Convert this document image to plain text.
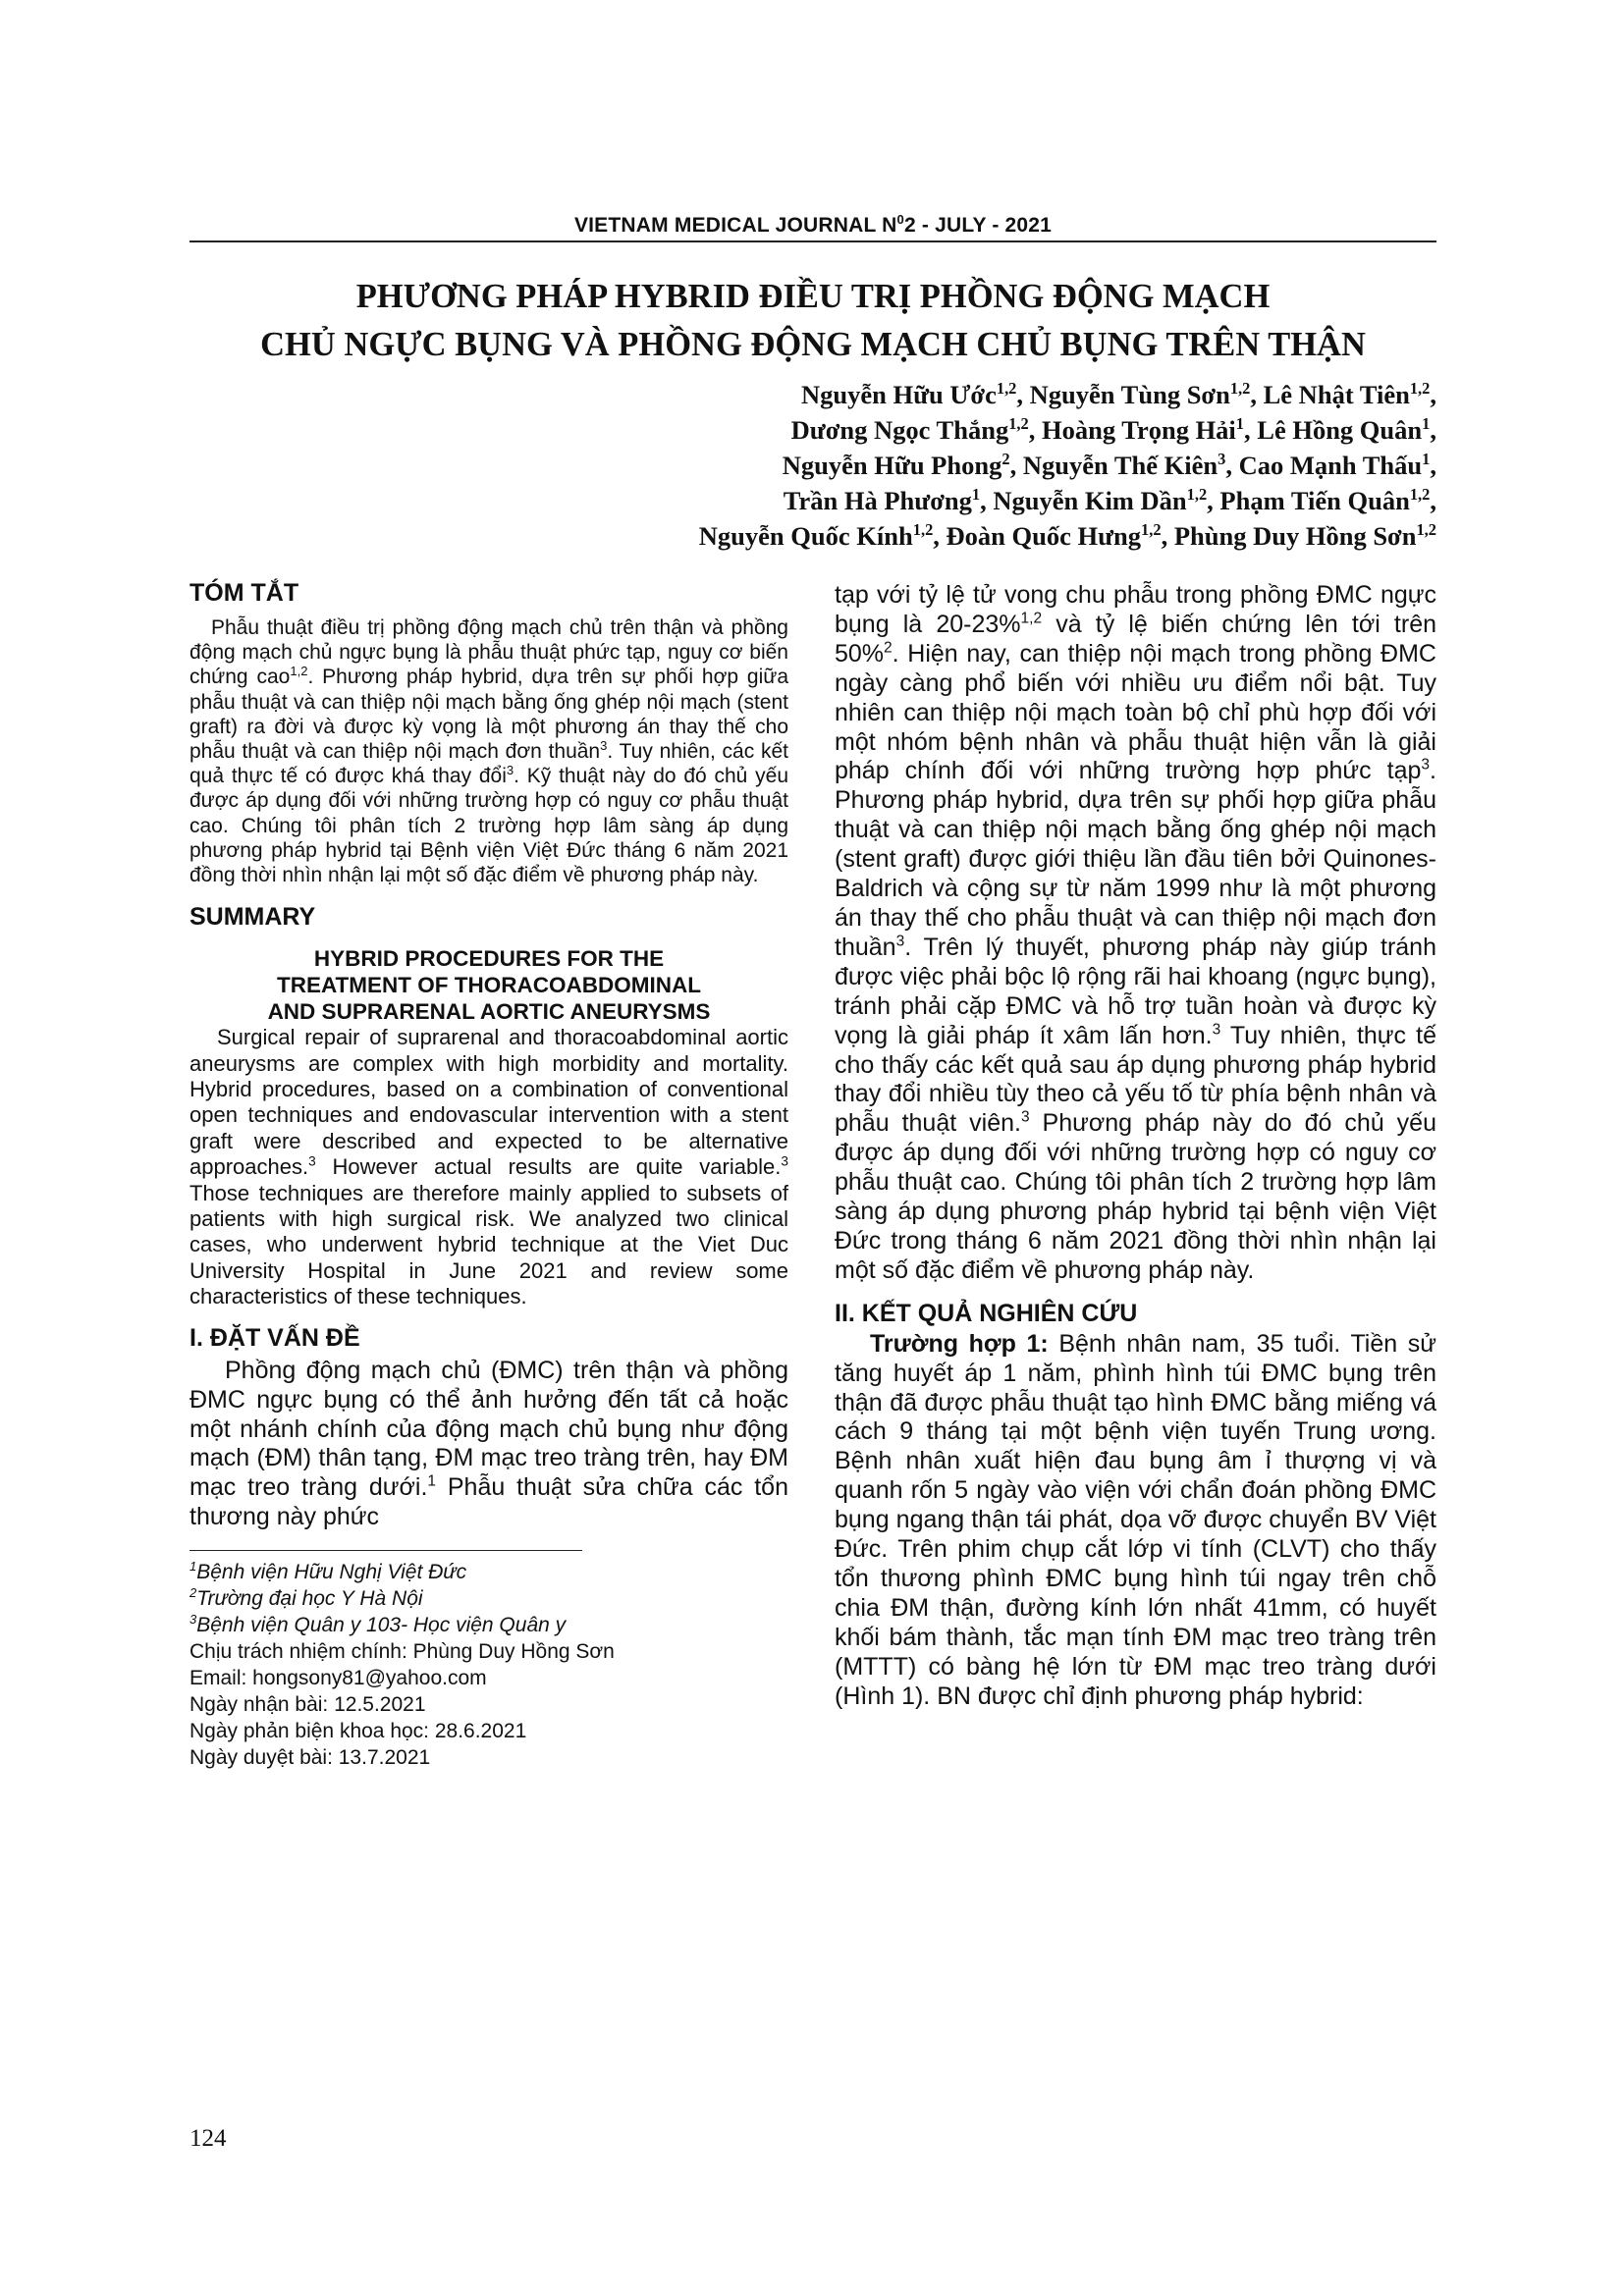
VIETNAM MEDICAL JOURNAL $N^02$ - JULY - 2021
PHƯƠNG PHÁP HYBRID ĐIỀU TRỊ PHỒNG ĐỘNG MẠCH
CHỦ NGỰC BỤNG VÀ PHỒNG ĐỘNG MẠCH CHỦ BỤNG TRÊN THẬN
Nguyễn Hữu Ước$^{1,2}$, Nguyễn Tùng Sơn$^{1,2}$, Lê Nhật Tiên$^{1,2}$,
Dương Ngọc Thắng$^{1,2}$, Hoàng Trọng Hải$^1$, Lê Hồng Quân$^1$,
Nguyễn Hữu Phong$^2$, Nguyễn Thế Kiên$^3$, Cao Mạnh Thấu$^1$,
Trần Hà Phương$^1$, Nguyễn Kim Dần$^{1,2}$, Phạm Tiến Quân$^{1,2}$,
Nguyễn Quốc Kính$^{1,2}$, Đoàn Quốc Hưng$^{1,2}$, Phùng Duy Hồng Sơn$^{1,2}$
TÓM TẮT

Phẫu thuật điều trị phồng động mạch chủ trên thận và phồng động mạch chủ ngực bụng là phẫu thuật phức tạp, nguy cơ biến chứng cao$^{1,2}$. Phương pháp hybrid, dựa trên sự phối hợp giữa phẫu thuật và can thiệp nội mạch bằng ống ghép nội mạch (stent graft) ra đời và được kỳ vọng là một phương án thay thế cho phẫu thuật và can thiệp nội mạch đơn thuần$^3$. Tuy nhiên, các kết quả thực tế có được khá thay đổi$^3$. Kỹ thuật này do đó chủ yếu được áp dụng đối với những trường hợp có nguy cơ phẫu thuật cao. Chúng tôi phân tích 2 trường hợp lâm sàng áp dụng phương pháp hybrid tại Bệnh viện Việt Đức tháng 6 năm 2021 đồng thời nhìn nhận lại một số đặc điểm về phương pháp này.

SUMMARY
HYBRID PROCEDURES FOR THE
TREATMENT OF THORACOABDOMINAL
AND SUPRARENAL AORTIC ANEURYSMS

Surgical repair of suprarenal and thoracoabdominal aortic aneurysms are complex with high morbidity and mortality. Hybrid procedures, based on a combination of conventional open techniques and endovascular intervention with a stent graft were described and expected to be alternative approaches.$^3$ However actual results are quite variable.$^3$ Those techniques are therefore mainly applied to subsets of patients with high surgical risk. We analyzed two clinical cases, who underwent hybrid technique at the Viet Duc University Hospital in June 2021 and review some characteristics of these techniques.

I. ĐẶT VẤN ĐỀ

Phồng động mạch chủ (ĐMC) trên thận và phồng ĐMC ngực bụng có thể ảnh hưởng đến tất cả hoặc một nhánh chính của động mạch chủ bụng như động mạch (ĐM) thân tạng, ĐM mạc treo tràng trên, hay ĐM mạc treo tràng dưới.$^1$ Phẫu thuật sửa chữa các tổn thương này phức

$^1$Bệnh viện Hữu Nghị Việt Đức

$^2$Trường đại học Y Hà Nội

$^3$Bệnh viện Quân y 103- Học viện Quân y

Chịu trách nhiệm chính: Phùng Duy Hồng Sơn

Email: hongsony81@yahoo.com

Ngày nhận bài: 12.5.2021

Ngày phản biện khoa học: 28.6.2021

Ngày duyệt bài: 13.7.2021

tạp với tỷ lệ tử vong chu phẫu trong phồng ĐMC ngực bụng là 20-23%$^{1,2}$ và tỷ lệ biến chứng lên tới trên 50%$^2$. Hiện nay, can thiệp nội mạch trong phồng ĐMC ngày càng phổ biến với nhiều ưu điểm nổi bật. Tuy nhiên can thiệp nội mạch toàn bộ chỉ phù hợp đối với một nhóm bệnh nhân và phẫu thuật hiện vẫn là giải pháp chính đối với những trường hợp phức tạp$^3$. Phương pháp hybrid, dựa trên sự phối hợp giữa phẫu thuật và can thiệp nội mạch bằng ống ghép nội mạch (stent graft) được giới thiệu lần đầu tiên bởi Quinones-Baldrich và cộng sự từ năm 1999 như là một phương án thay thế cho phẫu thuật và can thiệp nội mạch đơn thuần$^3$. Trên lý thuyết, phương pháp này giúp tránh được việc phải bộc lộ rộng rãi hai khoang (ngực bụng), tránh phải cặp ĐMC và hỗ trợ tuần hoàn và được kỳ vọng là giải pháp ít xâm lấn hơn.$^3$ Tuy nhiên, thực tế cho thấy các kết quả sau áp dụng phương pháp hybrid thay đổi nhiều tùy theo cả yếu tố từ phía bệnh nhân và phẫu thuật viên.$^3$ Phương pháp này do đó chủ yếu được áp dụng đối với những trường hợp có nguy cơ phẫu thuật cao. Chúng tôi phân tích 2 trường hợp lâm sàng áp dụng phương pháp hybrid tại bệnh viện Việt Đức trong tháng 6 năm 2021 đồng thời nhìn nhận lại một số đặc điểm về phương pháp này.

II. KẾT QUẢ NGHIÊN CỨU

Trường hợp 1: Bệnh nhân nam, 35 tuổi. Tiền sử tăng huyết áp 1 năm, phình hình túi ĐMC bụng trên thận đã được phẫu thuật tạo hình ĐMC bằng miếng vá cách 9 tháng tại một bệnh viện tuyến Trung ương. Bệnh nhân xuất hiện đau bụng âm ỉ thượng vị và quanh rốn 5 ngày vào viện với chẩn đoán phồng ĐMC bụng ngang thận tái phát, dọa vỡ được chuyển BV Việt Đức. Trên phim chụp cắt lớp vi tính (CLVT) cho thấy tổn thương phình ĐMC bụng hình túi ngay trên chỗ chia ĐM thận, đường kính lớn nhất 41mm, có huyết khối bám thành, tắc mạn tính ĐM mạc treo tràng trên (MTTT) có bàng hệ lớn từ ĐM mạc treo tràng dưới (Hình 1). BN được chỉ định phương pháp hybrid:

124
